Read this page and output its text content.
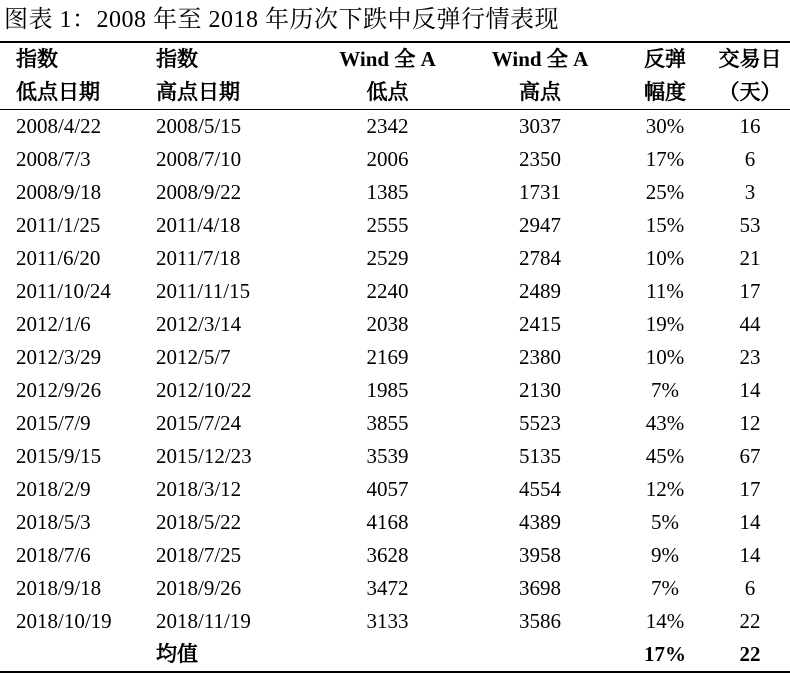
图表 1：2008 年至 2018 年历次下跌中反弹行情表现
指数	指数	Wind 全 A	Wind 全 A	反弹	交易日
低点日期	高点日期	低点	高点	幅度	（天）
2008/4/22	2008/5/15	2342	3037	30%	16
2008/7/3	2008/7/10	2006	2350	17%	6
2008/9/18	2008/9/22	1385	1731	25%	3
2011/1/25	2011/4/18	2555	2947	15%	53
2011/6/20	2011/7/18	2529	2784	10%	21
2011/10/24	2011/11/15	2240	2489	11%	17
2012/1/6	2012/3/14	2038	2415	19%	44
2012/3/29	2012/5/7	2169	2380	10%	23
2012/9/26	2012/10/22	1985	2130	7%	14
2015/7/9	2015/7/24	3855	5523	43%	12
2015/9/15	2015/12/23	3539	5135	45%	67
2018/2/9	2018/3/12	4057	4554	12%	17
2018/5/3	2018/5/22	4168	4389	5%	14
2018/7/6	2018/7/25	3628	3958	9%	14
2018/9/18	2018/9/26	3472	3698	7%	6
2018/10/19	2018/11/19	3133	3586	14%	22
	均值			17%	22
